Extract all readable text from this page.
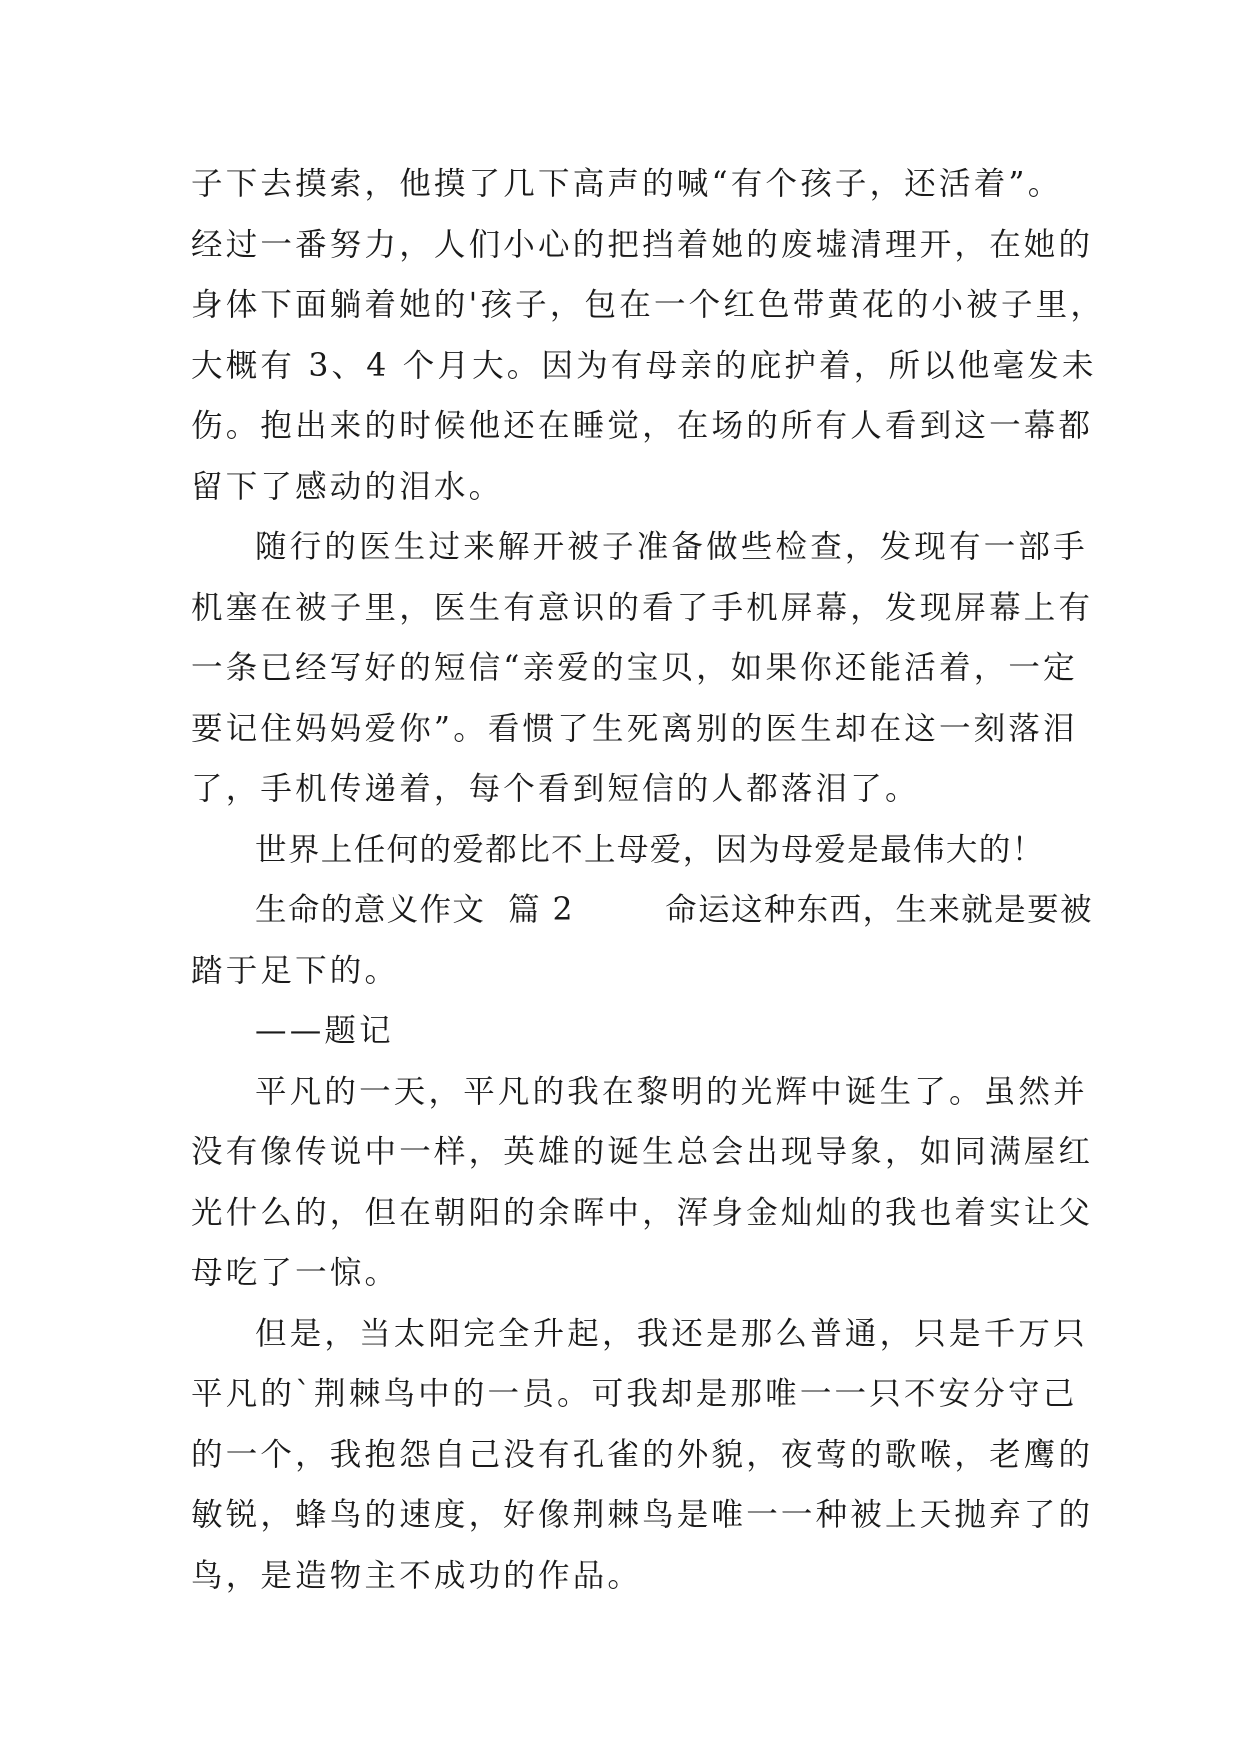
子下去摸索，他摸了几下高声的喊“有个孩子，还活着”。
经过一番努力，人们小心的把挡着她的废墟清理开，在她的
身体下面躺着她的'孩子，包在一个红色带黄花的小被子里，
大概有 3、4 个月大。因为有母亲的庇护着，所以他毫发未
伤。抱出来的时候他还在睡觉，在场的所有人看到这一幕都
留下了感动的泪水。
随行的医生过来解开被子准备做些检查，发现有一部手
机塞在被子里，医生有意识的看了手机屏幕，发现屏幕上有
一条已经写好的短信“亲爱的宝贝，如果你还能活着，一定
要记住妈妈爱你”。看惯了生死离别的医生却在这一刻落泪
了，手机传递着，每个看到短信的人都落泪了。
世界上任何的爱都比不上母爱，因为母爱是最伟大的！
生命的意义作文  篇 2        命运这种东西，生来就是要被
踏于足下的。
——题记
平凡的一天，平凡的我在黎明的光辉中诞生了。虽然并
没有像传说中一样，英雄的诞生总会出现导象，如同满屋红
光什么的，但在朝阳的余晖中，浑身金灿灿的我也着实让父
母吃了一惊。
但是，当太阳完全升起，我还是那么普通，只是千万只
平凡的`荆棘鸟中的一员。可我却是那唯一一只不安分守己
的一个，我抱怨自己没有孔雀的外貌，夜莺的歌喉，老鹰的
敏锐，蜂鸟的速度，好像荆棘鸟是唯一一种被上天抛弃了的
鸟，是造物主不成功的作品。
